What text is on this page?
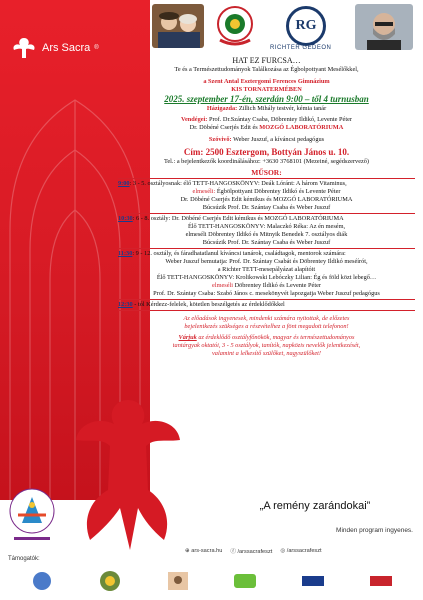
Ars Sacra ®
RG
RICHTER GEDEON

HAT EZ FURCSA…

Te és a Természettudományok Találkozása az Égbolpottyant Mesélőkkel,

a Szent Antal Esztergomi Ferences Gimnázium

KIS TORNATERMÉBEN

2025. szeptember 17-én, szerdán 9:00 – től 4 turnusban

Házigazda: Zillich Mihály testvér, kémia tanár

Vendégei: Prof. Dr.Szántay Csaba, Döbrentey Ildikó, Levente Péter

Dr. Döbéné Cserjés Edit és MOZGÓ LABORATÓRIUMA

Szóvivő: Weber Juszuf, a kíváncsi pedagógus

Cím: 2500 Esztergom, Bottyán János u. 10.

Tel.: a bejelentkezők koordinálásához: +3630 3768101 (Mezeiné, segédszervező)

MŰSOR:

9:00: 3 - 5. osztályosnak: élő TETT-HANGOSKÖNYV: Deák Lóránt: A három Vitaminus,

elmeséli: Égbölpottyant Döbrentey Ildikó és Levente Péter

Dr. Döbéné Cserjés Edit kémikus és MOZGÓ LABORATÓRIUMA

Búcsúzik Prof. Dr. Szántay Csaba és Weber Juszuf

10:30: 6 - 8. osztály: Dr. Döbéné Cserjés Edit kémikus és MOZGÓ LABORATÓRIUMA

Élő TETT-HANGOSKÖNYV: Malaczkó Réka: Az én mesém,

elmeséli Döbrentey Ildikó és Mitnyik Benedek 7. osztályos diák

Búcsúzik Prof. Dr. Szántay Csaba és Weber Juszuf

11:30: 9 - 12. osztály, és fáradhatatlanul kíváncsi tanárok, családtagok, mentorok számára:

Weber Juszuf bemutatja: Prof. Dr. Szántay Csabát és Döbrentey Ildikó meséírót,

a Richter TETT-mesepályázat alapítóit

Élő TETT-HANGOSKÖNYV: Krolikowski Lebóczky Lilian: Ég és föld közt lebegő…

elmeséli Döbrentey Ildikó és Levente Péter

Prof. Dr. Szántay Csaba: Szabó János c. mesekönyvét lapozgatja Weber Juszuf pedagógus

12:30 - tól Kérdezz-felelek, kötetlen beszélgetés az érdeklődőkkel

Az előadások ingyenesek, mindenki számára nyitottak, de előzetes

bejelentkezés szükséges a részvételhez a fönt megadott telefonon!

Várjuk az érdeklődő osztályfőnökök, magyar és természettudományos

tantárgyak oktatói, 3 - 5 osztályok, tanítók, napközis nevelők jelentkezését,

valamint a lelkesítő szülőket, nagyszülőket!

„A remény zarándokai”
Minden program ingyenes.
⊕ ars-sacra.hu ⓕ /arssacrafeszt ◎ /arssacrafeszt
Támogatók:
